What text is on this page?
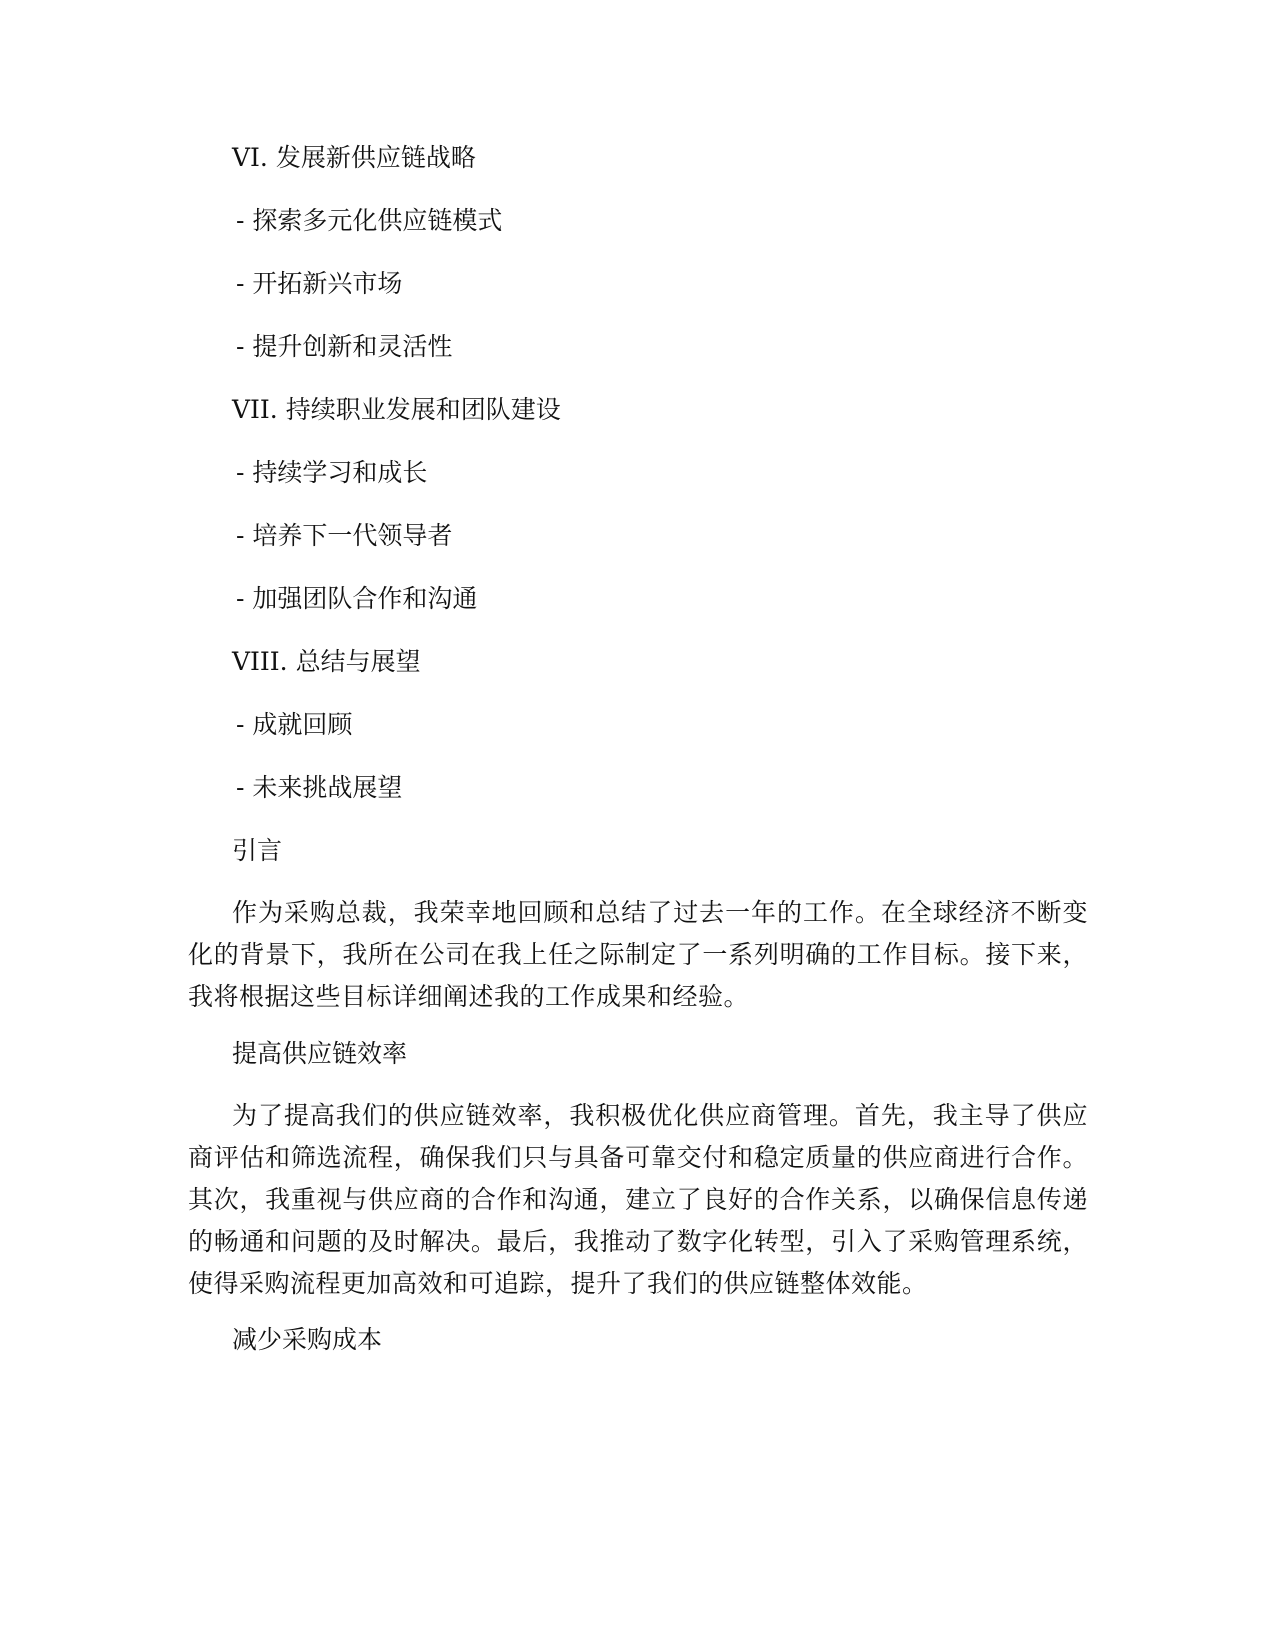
VI. 发展新供应链战略
- 探索多元化供应链模式
- 开拓新兴市场
- 提升创新和灵活性
VII. 持续职业发展和团队建设
- 持续学习和成长
- 培养下一代领导者
- 加强团队合作和沟通
VIII. 总结与展望
- 成就回顾
- 未来挑战展望
引言
作为采购总裁，我荣幸地回顾和总结了过去一年的工作。在全球经济不断变化的背景下，我所在公司在我上任之际制定了一系列明确的工作目标。接下来，我将根据这些目标详细阐述我的工作成果和经验。
提高供应链效率
为了提高我们的供应链效率，我积极优化供应商管理。首先，我主导了供应商评估和筛选流程，确保我们只与具备可靠交付和稳定质量的供应商进行合作。其次，我重视与供应商的合作和沟通，建立了良好的合作关系，以确保信息传递的畅通和问题的及时解决。最后，我推动了数字化转型，引入了采购管理系统，使得采购流程更加高效和可追踪，提升了我们的供应链整体效能。
减少采购成本
